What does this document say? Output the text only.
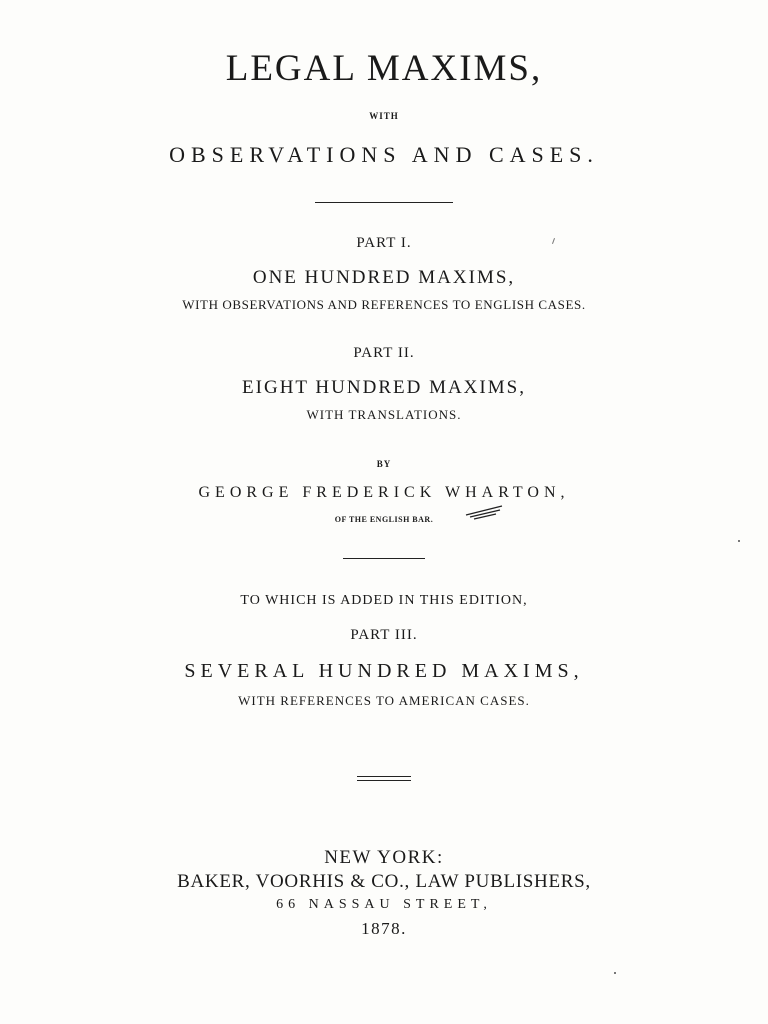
LEGAL MAXIMS,
WITH
OBSERVATIONS AND CASES.
PART I.
ONE HUNDRED MAXIMS,
WITH OBSERVATIONS AND REFERENCES TO ENGLISH CASES.
PART II.
EIGHT HUNDRED MAXIMS,
WITH TRANSLATIONS.
BY
GEORGE FREDERICK WHARTON,
OF THE ENGLISH BAR.
TO WHICH IS ADDED IN THIS EDITION,
PART III.
SEVERAL HUNDRED MAXIMS,
WITH REFERENCES TO AMERICAN CASES.
NEW YORK:
BAKER, VOORHIS & CO., LAW PUBLISHERS,
66 NASSAU STREET,
1878.
